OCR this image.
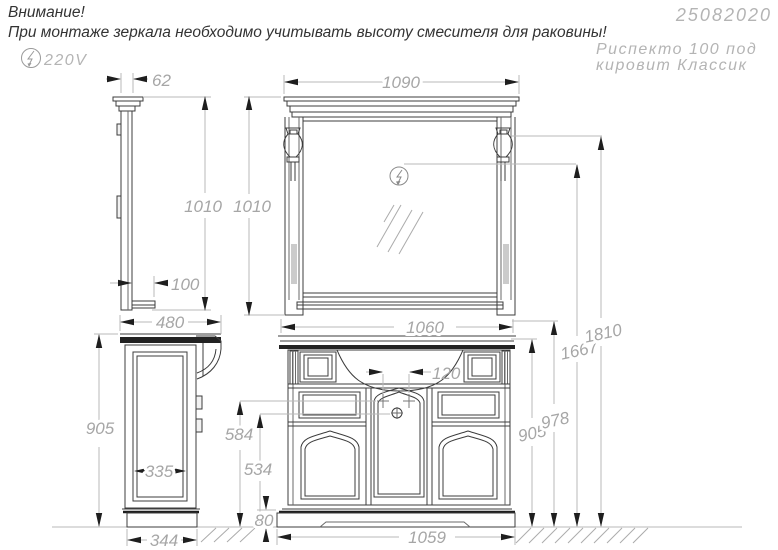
Внимание!
При монтаже зеркала необходимо учитывать высоту смесителя для раковины!
220V
25082020
Риспекто 100 под
кировит Классик
62
100
1010
480
905
335
344
1090
1010
1060
120
584
534
80
1059
905
978
1667
1810
